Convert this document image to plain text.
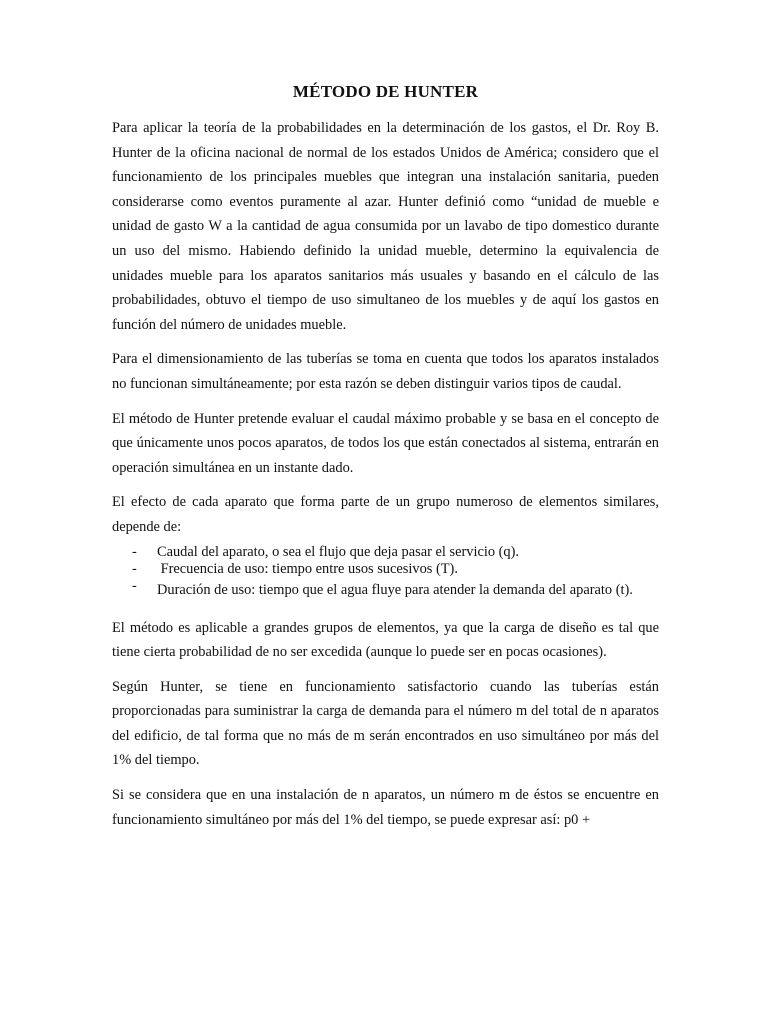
MÉTODO DE HUNTER

Para aplicar la teoría de la probabilidades en la determinación de los gastos, el Dr. Roy B. Hunter de la oficina nacional de normal de los estados Unidos de América; considero que el funcionamiento de los principales muebles que integran una instalación sanitaria, pueden considerarse como eventos puramente al azar. Hunter definió como “unidad de mueble e unidad de gasto W a la cantidad de agua consumida por un lavabo de tipo domestico durante un uso del mismo. Habiendo definido la unidad mueble, determino la equivalencia de unidades mueble para los aparatos sanitarios más usuales y basando en el cálculo de las probabilidades, obtuvo el tiempo de uso simultaneo de los muebles y de aquí los gastos en función del número de unidades mueble.

Para el dimensionamiento de las tuberías se toma en cuenta que todos los aparatos instalados no funcionan simultáneamente; por esta razón se deben distinguir varios tipos de caudal.

El método de Hunter pretende evaluar el caudal máximo probable y se basa en el concepto de que únicamente unos pocos aparatos, de todos los que están conectados al sistema, entrarán en operación simultánea en un instante dado.

El efecto de cada aparato que forma parte de un grupo numeroso de elementos similares, depende de:

- Caudal del aparato, o sea el flujo que deja pasar el servicio (q).
- Frecuencia de uso: tiempo entre usos sucesivos (T).
- Duración de uso: tiempo que el agua fluye para atender la demanda del aparato (t).

El método es aplicable a grandes grupos de elementos, ya que la carga de diseño es tal que tiene cierta probabilidad de no ser excedida (aunque lo puede ser en pocas ocasiones).

Según Hunter, se tiene en funcionamiento satisfactorio cuando las tuberías están proporcionadas para suministrar la carga de demanda para el número m del total de n aparatos del edificio, de tal forma que no más de m serán encontrados en uso simultáneo por más del 1% del tiempo.

Si se considera que en una instalación de n aparatos, un número m de éstos se encuentre en funcionamiento simultáneo por más del 1% del tiempo, se puede expresar así: p0 +
